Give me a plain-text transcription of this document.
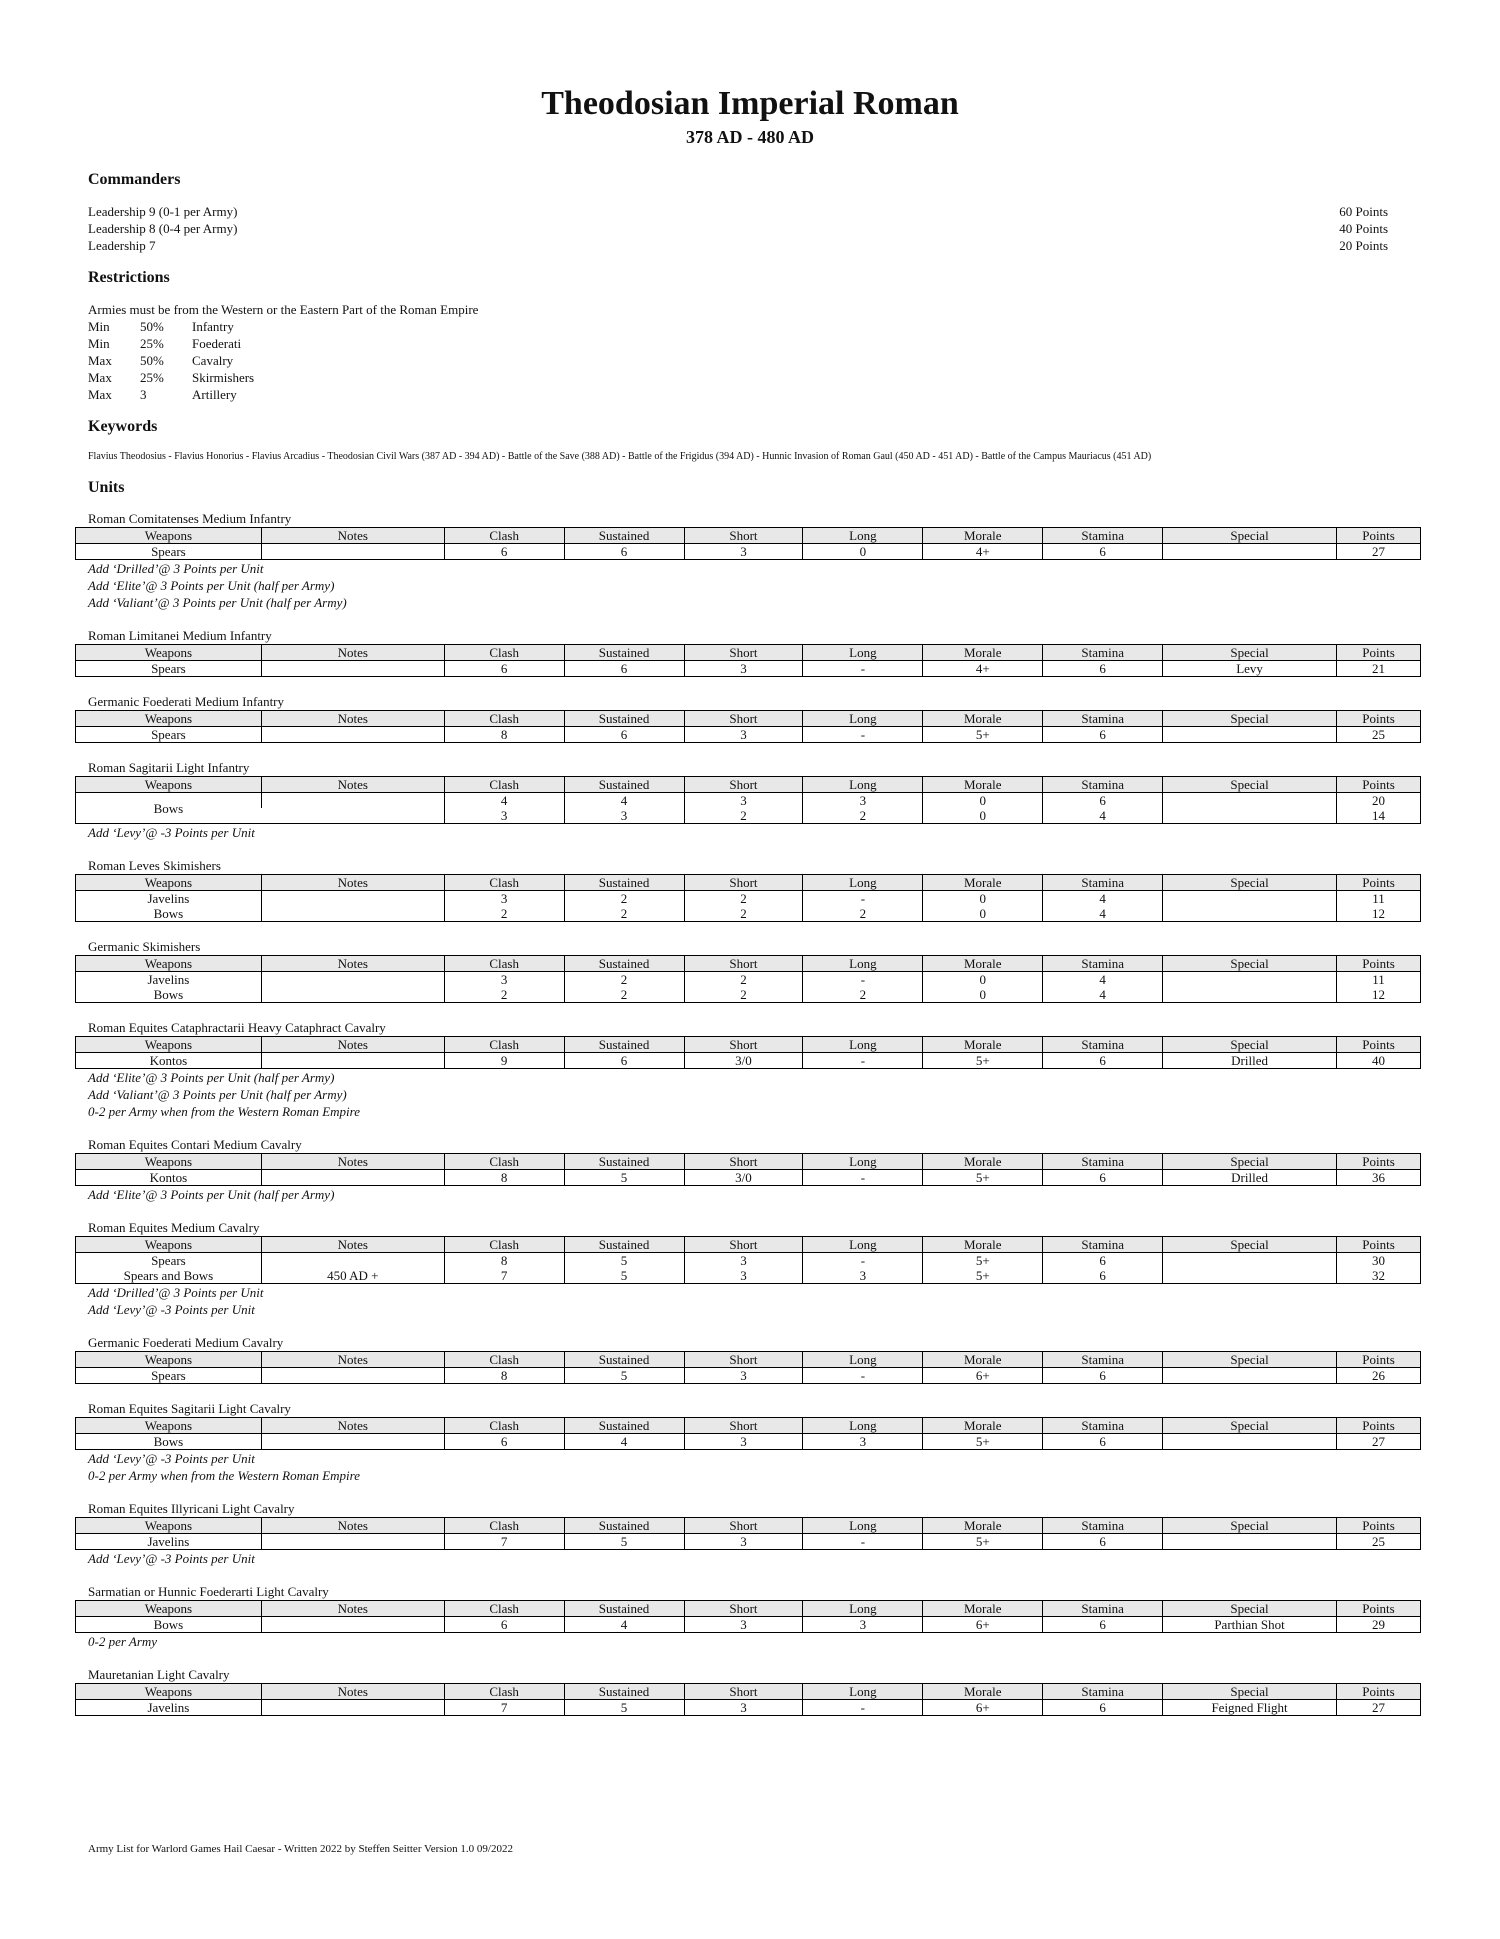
Theodosian Imperial Roman
378 AD - 480 AD
Commanders
Leadership 9 (0-1 per Army)	60 Points
Leadership 8 (0-4 per Army)	40 Points
Leadership 7	20 Points
Restrictions
Armies must be from the Western or the Eastern Part of the Roman Empire
Min	50%	Infantry
Min	25%	Foederati
Max	50%	Cavalry
Max	25%	Skirmishers
Max	3	Artillery
Keywords
Flavius Theodosius - Flavius Honorius - Flavius Arcadius - Theodosian Civil Wars (387 AD - 394 AD) - Battle of the Save (388 AD) - Battle of the Frigidus (394 AD) - Hunnic Invasion of Roman Gaul (450 AD - 451 AD) - Battle of the Campus Mauriacus (451 AD)
Units
Roman Comitatenses Medium Infantry
Weapons	Notes	Clash	Sustained	Short	Long	Morale	Stamina	Special	Points
Spears		6	6	3	0	4+	6		27
Add ‘Drilled’@ 3 Points per Unit
Add ‘Elite’@ 3 Points per Unit (half per Army)
Add ‘Valiant’@ 3 Points per Unit (half per Army)
Roman Limitanei Medium Infantry
Weapons	Notes	Clash	Sustained	Short	Long	Morale	Stamina	Special	Points
Spears		6	6	3	-	4+	6	Levy	21
Germanic Foederati Medium Infantry
Weapons	Notes	Clash	Sustained	Short	Long	Morale	Stamina	Special	Points
Spears		8	6	3	-	5+	6		25
Roman Sagitarii Light Infantry
Weapons	Notes	Clash	Sustained	Short	Long	Morale	Stamina	Special	Points
Bows		4	4	3	3	0	6		20
		3	3	2	2	0	4		14
Add ‘Levy’@ -3 Points per Unit
Roman Leves Skimishers
Weapons	Notes	Clash	Sustained	Short	Long	Morale	Stamina	Special	Points
Javelins		3	2	2	-	0	4		11
Bows		2	2	2	2	0	4		12
Germanic Skimishers
Weapons	Notes	Clash	Sustained	Short	Long	Morale	Stamina	Special	Points
Javelins		3	2	2	-	0	4		11
Bows		2	2	2	2	0	4		12
Roman Equites Cataphractarii Heavy Cataphract Cavalry
Weapons	Notes	Clash	Sustained	Short	Long	Morale	Stamina	Special	Points
Kontos		9	6	3/0	-	5+	6	Drilled	40
Add ‘Elite’@ 3 Points per Unit (half per Army)
Add ‘Valiant’@ 3 Points per Unit (half per Army)
0-2 per Army when from the Western Roman Empire
Roman Equites Contari Medium Cavalry
Weapons	Notes	Clash	Sustained	Short	Long	Morale	Stamina	Special	Points
Kontos		8	5	3/0	-	5+	6	Drilled	36
Add ‘Elite’@ 3 Points per Unit (half per Army)
Roman Equites Medium Cavalry
Weapons	Notes	Clash	Sustained	Short	Long	Morale	Stamina	Special	Points
Spears		8	5	3	-	5+	6		30
Spears and Bows	450 AD +	7	5	3	3	5+	6		32
Add ‘Drilled’@ 3 Points per Unit
Add ‘Levy’@ -3 Points per Unit
Germanic Foederati Medium Cavalry
Weapons	Notes	Clash	Sustained	Short	Long	Morale	Stamina	Special	Points
Spears		8	5	3	-	6+	6		26
Roman Equites Sagitarii Light Cavalry
Weapons	Notes	Clash	Sustained	Short	Long	Morale	Stamina	Special	Points
Bows		6	4	3	3	5+	6		27
Add ‘Levy’@ -3 Points per Unit
0-2 per Army when from the Western Roman Empire
Roman Equites Illyricani Light Cavalry
Weapons	Notes	Clash	Sustained	Short	Long	Morale	Stamina	Special	Points
Javelins		7	5	3	-	5+	6		25
Add ‘Levy’@ -3 Points per Unit
Sarmatian or Hunnic Foederarti Light Cavalry
Weapons	Notes	Clash	Sustained	Short	Long	Morale	Stamina	Special	Points
Bows		6	4	3	3	6+	6	Parthian Shot	29
0-2 per Army
Mauretanian Light Cavalry
Weapons	Notes	Clash	Sustained	Short	Long	Morale	Stamina	Special	Points
Javelins		7	5	3	-	6+	6	Feigned Flight	27
Army List for Warlord Games Hail Caesar - Written 2022 by Steffen Seitter Version 1.0 09/2022
